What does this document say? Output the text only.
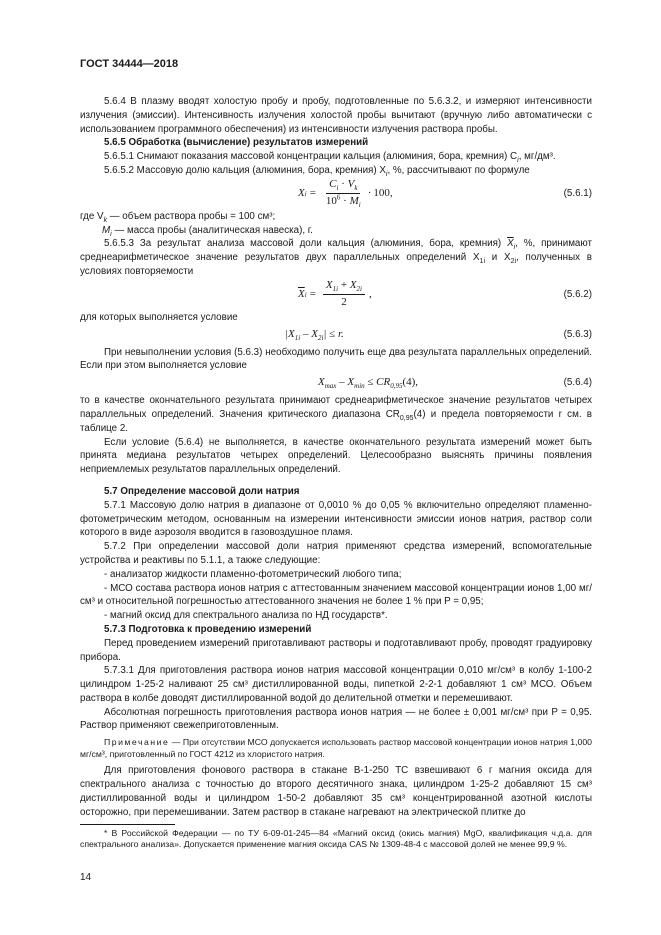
ГОСТ 34444—2018

5.6.4 В плазму вводят холостую пробу и пробу, подготовленные по 5.6.3.2, и измеряют интенсивности излучения (эмиссии). Интенсивность излучения холостой пробы вычитают (вручную либо автоматически с использованием программного обеспечения) из интенсивности излучения раствора пробы.

5.6.5 Обработка (вычисление) результатов измерений

5.6.5.1 Снимают показания массовой концентрации кальция (алюминия, бора, кремния) $C_i$, мг/дм³.

5.6.5.2 Массовую долю кальция (алюминия, бора, кремния) $X_i$, %, рассчитывают по формуле

X $i = \frac{C_i \cdot V_k}{10^6 \cdot M_i} \cdot 100$ ,	(5.6.1)

где $V_k$ — объем раствора пробы = 100 см³;

$M_i$ — масса пробы (аналитическая навеска), г.

5.6.5.3 За результат анализа массовой доли кальция (алюминия, бора, кремния) $\overline{X}_i$, %, принимают среднеарифметическое значение результатов двух параллельных определений $X_{1i}$ и $X_{2i}$, полученных в условиях повторяемости

$\overline{X}$ $i = \frac{X_{1i} + X_{2i}}{2}$ ,	(5.6.2)

для которых выполняется условие

$|X_{1i} - X_{2i}| \le r$.	(5.6.3)

При невыполнении условия (5.6.3) необходимо получить еще два результата параллельных определений. Если при этом выполняется условие

$X_{max} - X_{min} \le CR_{0,95}(4)$,	(5.6.4)

то в качестве окончательного результата принимают среднеарифметическое значение результатов четырех параллельных определений. Значения критического диапазона $CR_{0,95}(4)$ и предела повторяемости r см. в таблице 2.

Если условие (5.6.4) не выполняется, в качестве окончательного результата измерений может быть принята медиана результатов четырех определений. Целесообразно выяснять причины появления неприемлемых результатов параллельных определений.

5.7 Определение массовой доли натрия

5.7.1 Массовую долю натрия в диапазоне от 0,0010 % до 0,05 % включительно определяют пламенно-фотометрическим методом, основанным на измерении интенсивности эмиссии ионов натрия, раствор соли которого в виде аэрозоля вводится в газовоздушное пламя.

5.7.2 При определении массовой доли натрия применяют средства измерений, вспомогательные устройства и реактивы по 5.1.1, а также следующие:

- анализатор жидкости пламенно-фотометрический любого типа;

- МСО состава раствора ионов натрия с аттестованным значением массовой концентрации ионов 1,00 мг/см³ и относительной погрешностью аттестованного значения не более 1 % при P = 0,95;

- магний оксид для спектрального анализа по НД государств*.

5.7.3 Подготовка к проведению измерений

Перед проведением измерений приготавливают растворы и подготавливают пробу, проводят градуировку прибора.

5.7.3.1 Для приготовления раствора ионов натрия массовой концентрации 0,010 мг/см³ в колбу 1-100-2 цилиндром 1-25-2 наливают 25 см³ дистиллированной воды, пипеткой 2-2-1 добавляют 1 см³ МСО. Объем раствора в колбе доводят дистиллированной водой до делительной отметки и перемешивают.

Абсолютная погрешность приготовления раствора ионов натрия — не более ± 0,001 мг/см³ при P = 0,95. Раствор применяют свежеприготовленным.

Примечание — При отсутствии МСО допускается использовать раствор массовой концентрации ионов натрия 1,000 мг/см³, приготовленный по ГОСТ 4212 из хлористого натрия.

Для приготовления фонового раствора в стакане В-1-250 ТС взвешивают 6 г магния оксида для спектрального анализа с точностью до второго десятичного знака, цилиндром 1-25-2 добавляют 15 см³ дистиллированной воды и цилиндром 1-50-2 добавляют 35 см³ концентрированной азотной кислоты осторожно, при перемешивании. Затем раствор в стакане нагревают на электрической плитке до

* В Российской Федерации — по ТУ 6-09-01-245—84 «Магний оксид (окись магния) MgO, квалификация ч.д.а. для спектрального анализа». Допускается применение магния оксида CAS № 1309-48-4 с массовой долей не менее 99,9 %.

14
